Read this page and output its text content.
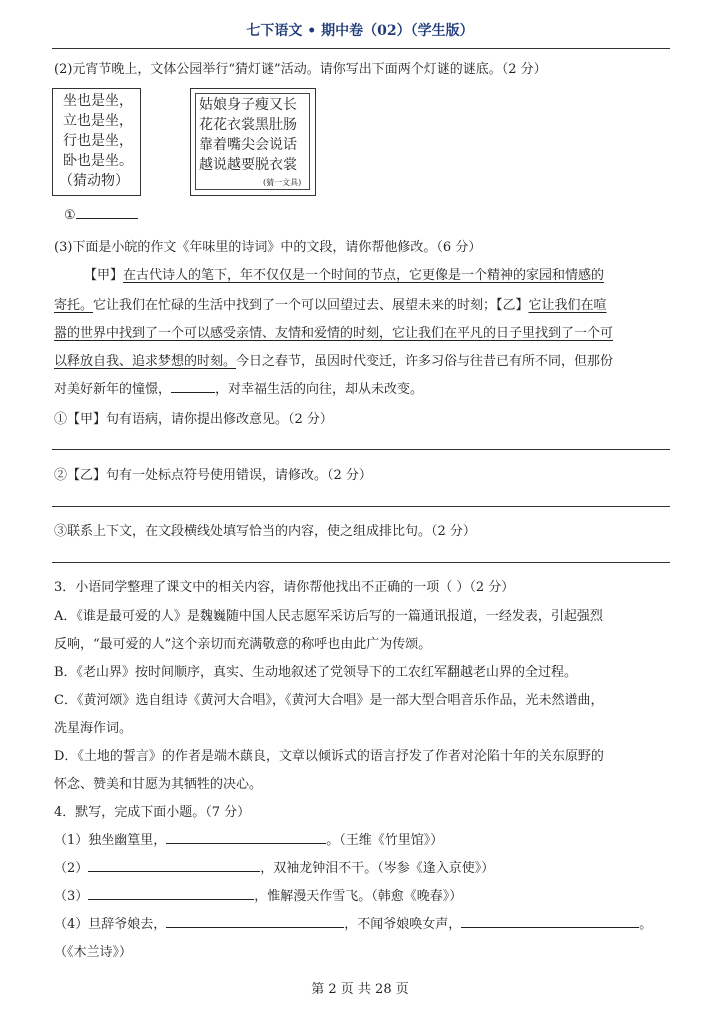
七下语文 • 期中卷（02）（学生版）
(2)元宵节晚上，文体公园举行“猜灯谜”活动。请你写出下面两个灯谜的谜底。（2 分）
坐也是坐，
立也是坐，
行也是坐，
卧也是坐。
（猜动物）
姑娘身子瘦又长
花花衣裳黑肚肠
靠着嘴尖会说话
越说越要脱衣裳
(猜一文具)
①
(3)下面是小皖的作文《年味里的诗词》中的文段，请你帮他修改。（6 分）
【甲】在古代诗人的笔下，年不仅仅是一个时间的节点，它更像是一个精神的家园和情感的
寄托。它让我们在忙碌的生活中找到了一个可以回望过去、展望未来的时刻；【乙】它让我们在喧
嚣的世界中找到了一个可以感受亲情、友情和爱情的时刻，它让我们在平凡的日子里找到了一个可
以释放自我、追求梦想的时刻。今日之春节，虽因时代变迁，许多习俗与往昔已有所不同，但那份
对美好新年的憧憬，	，对幸福生活的向往，却从未改变。
①【甲】句有语病，请你提出修改意见。（2 分）
②【乙】句有一处标点符号使用错误，请修改。（2 分）
③联系上下文，在文段横线处填写恰当的内容，使之组成排比句。（2 分）
3．小语同学整理了课文中的相关内容，请你帮他找出不正确的一项（ ）（2 分）
A．《谁是最可爱的人》是魏巍随中国人民志愿军采访后写的一篇通讯报道，一经发表，引起强烈
反响，“最可爱的人”这个亲切而充满敬意的称呼也由此广为传颂。
B．《老山界》按时间顺序，真实、生动地叙述了党领导下的工农红军翻越老山界的全过程。
C．《黄河颂》选自组诗《黄河大合唱》，《黄河大合唱》是一部大型合唱音乐作品，光未然谱曲，
冼星海作词。
D．《土地的誓言》的作者是端木蕻良，文章以倾诉式的语言抒发了作者对沦陷十年的关东原野的
怀念、赞美和甘愿为其牺牲的决心。
4．默写，完成下面小题。（7 分）
（1）独坐幽篁里，	。（王维《竹里馆》）
（2）	，双袖龙钟泪不干。（岑参《逢入京使》）
（3）	，惟解漫天作雪飞。（韩愈《晚春》）
（4）旦辞爷娘去，	，不闻爷娘唤女声，	。
（《木兰诗》）
第 2 页 共 28 页
